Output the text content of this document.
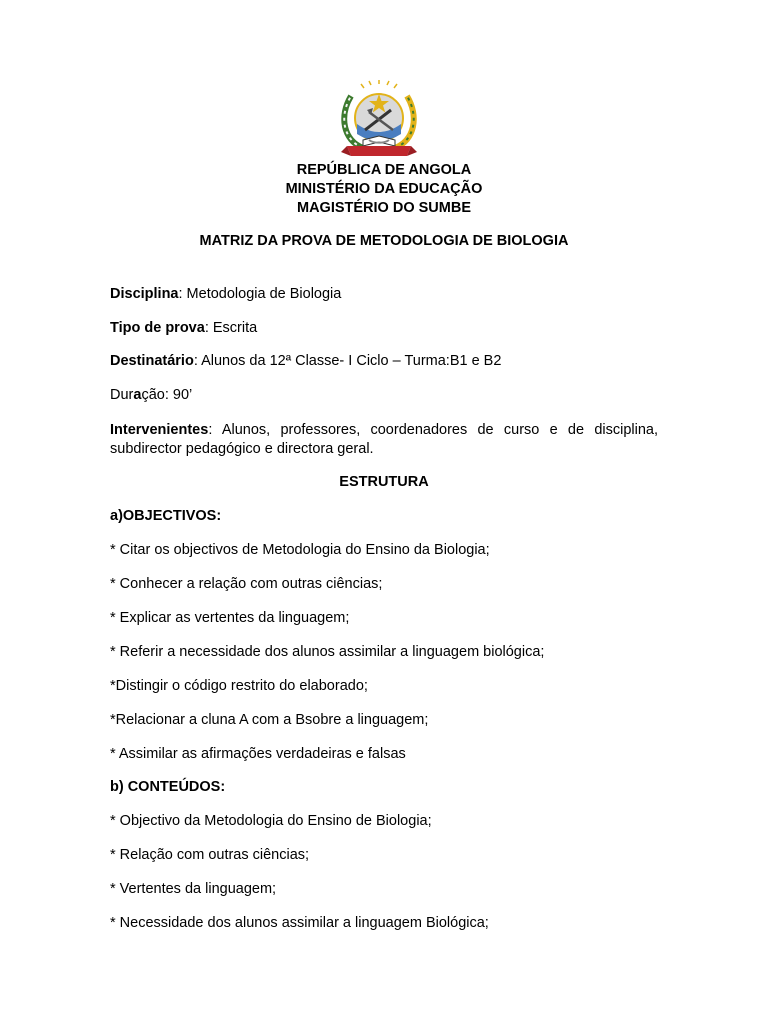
REPÚBLICA DE ANGOLA
MINISTÉRIO DA EDUCAÇÃO
MAGISTÉRIO DO SUMBE
MATRIZ DA PROVA DE METODOLOGIA DE BIOLOGIA
Disciplina: Metodologia de Biologia
Tipo de prova: Escrita
Destinatário: Alunos da 12ª Classe- I Ciclo – Turma:B1 e B2
Duração: 90’
Intervenientes: Alunos, professores, coordenadores de curso e de disciplina, subdirector pedagógico e directora geral.
ESTRUTURA
a)OBJECTIVOS:
* Citar os objectivos de Metodologia do Ensino da Biologia;
* Conhecer a relação com outras ciências;
* Explicar as vertentes da linguagem;
* Referir a necessidade dos alunos assimilar a linguagem biológica;
*Distingir o código restrito do elaborado;
*Relacionar a cluna A com a Bsobre a linguagem;
* Assimilar as afirmações verdadeiras e falsas
b) CONTEÚDOS:
* Objectivo da Metodologia do Ensino de Biologia;
* Relação com outras ciências;
* Vertentes da linguagem;
* Necessidade dos alunos assimilar a linguagem Biológica;
